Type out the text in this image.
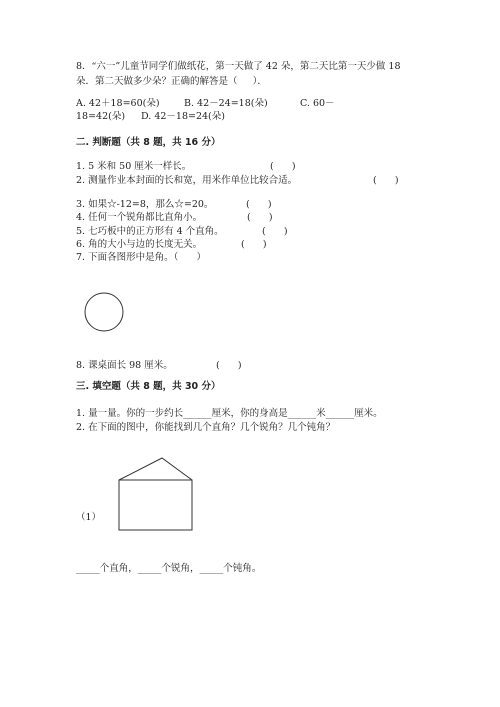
8．“六一”儿童节同学们做纸花，第一天做了 42 朵，第二天比第一天少做 18
朵．第二天做多少朵？正确的解答是（     ）．
A. 42＋18=60(朵)	B. 42－24=18(朵)	C. 60－
18=42(朵) D. 42－18=24(朵)
二. 判断题（共 8 题，共 16 分）
1. 5 米和 50 厘米一样长。	(      )
2. 测量作业本封面的长和宽，用米作单位比较合适。	(      )
3. 如果☆-12=8，那么☆=20。	(      )
4. 任何一个锐角都比直角小。	(      )
5. 七巧板中的正方形有 4 个直角。	(      )
6. 角的大小与边的长度无关。	(      )
7. 下面各图形中是角。（      ）
8. 课桌面长 98 厘米。	(      )
三. 填空题（共 8 题，共 30 分）
1. 量一量。你的一步约长______厘米，你的身高是______米______厘米。
2. 在下面的图中，你能找到几个直角？几个锐角？几个钝角？
（1）
_____个直角，_____个锐角，_____个钝角。
